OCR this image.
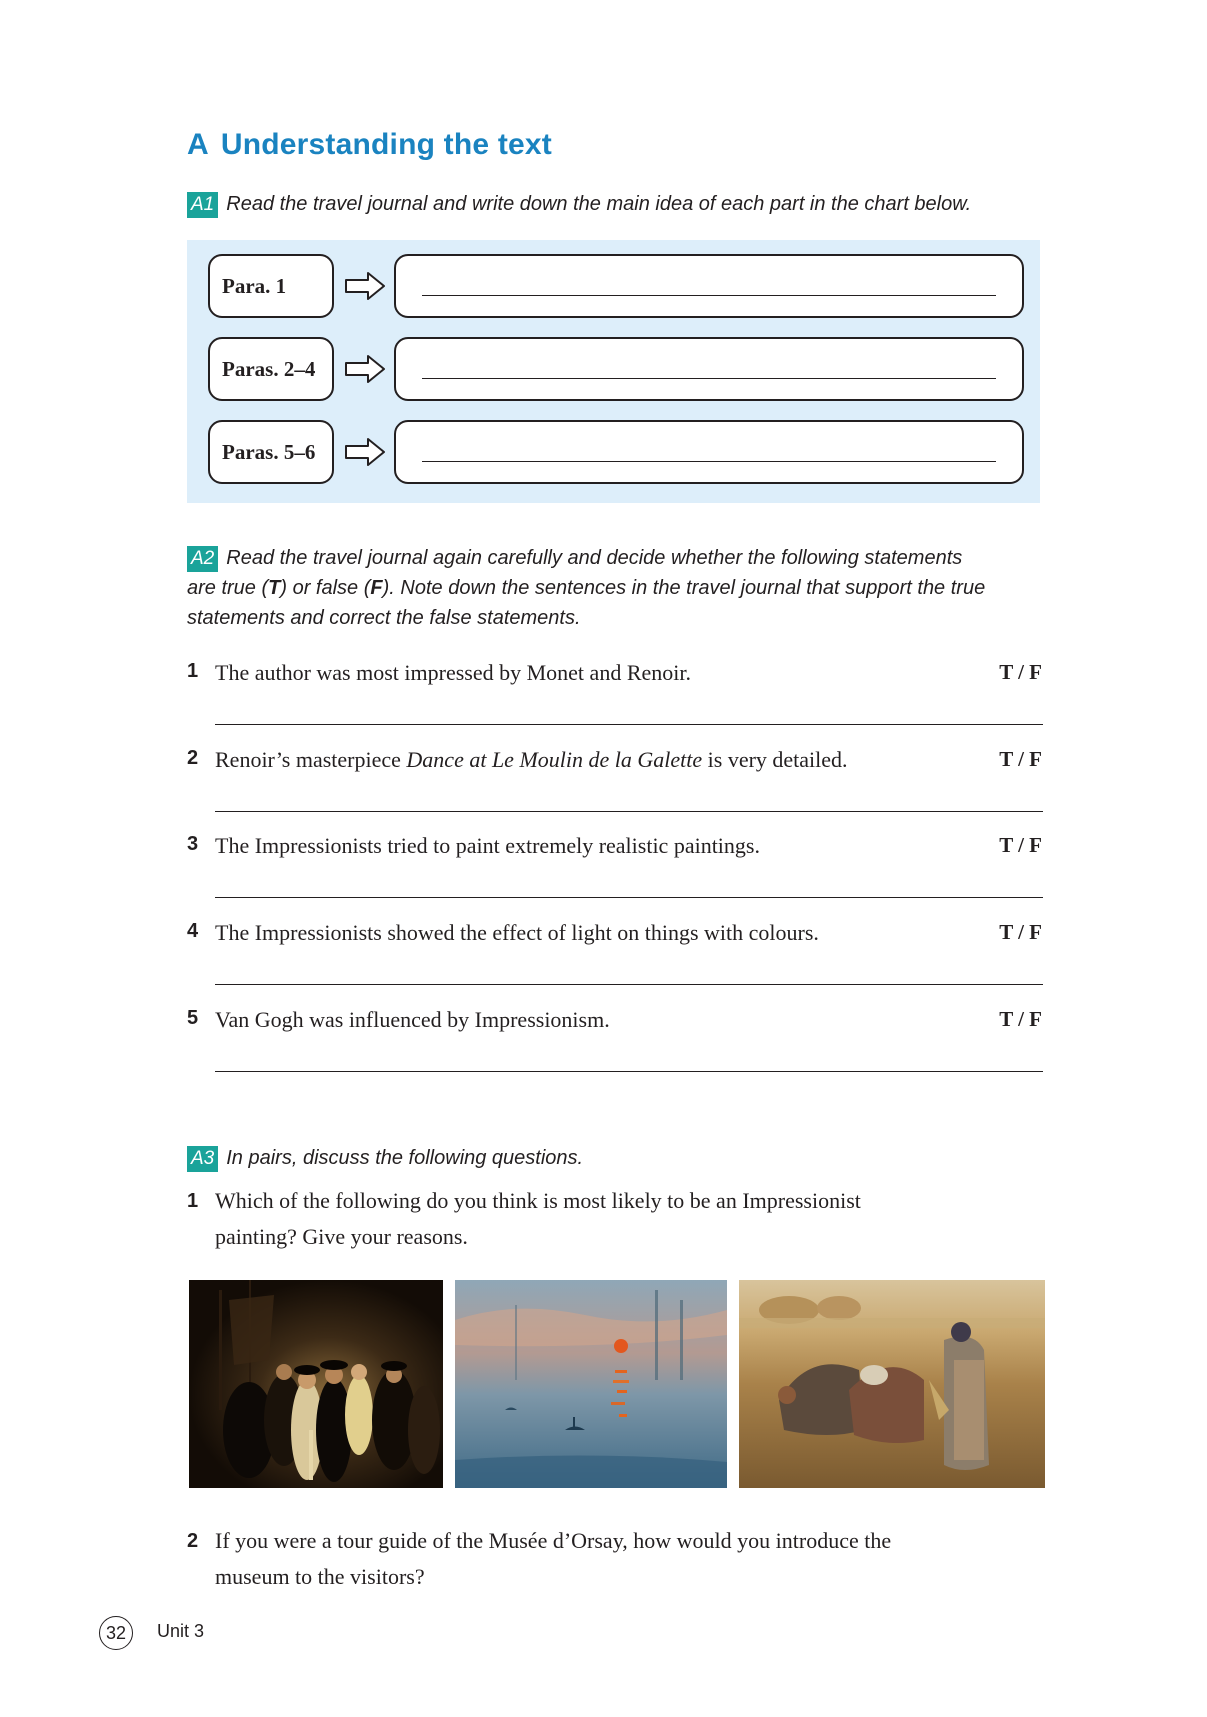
A Understanding the text
A1 Read the travel journal and write down the main idea of each part in the chart below.
Para. 1
Paras. 2–4
Paras. 5–6
A2 Read the travel journal again carefully and decide whether the following statements
are true (T) or false (F). Note down the sentences in the travel journal that support the true
statements and correct the false statements.
1 The author was most impressed by Monet and Renoir.	T / F
2 Renoir’s masterpiece Dance at Le Moulin de la Galette is very detailed.	T / F
3 The Impressionists tried to paint extremely realistic paintings.	T / F
4 The Impressionists showed the effect of light on things with colours.	T / F
5 Van Gogh was influenced by Impressionism.	T / F
A3 In pairs, discuss the following questions.
1 Which of the following do you think is most likely to be an Impressionist
painting? Give your reasons.
2 If you were a tour guide of the Musée d’Orsay, how would you introduce the
museum to the visitors?
32	Unit 3
